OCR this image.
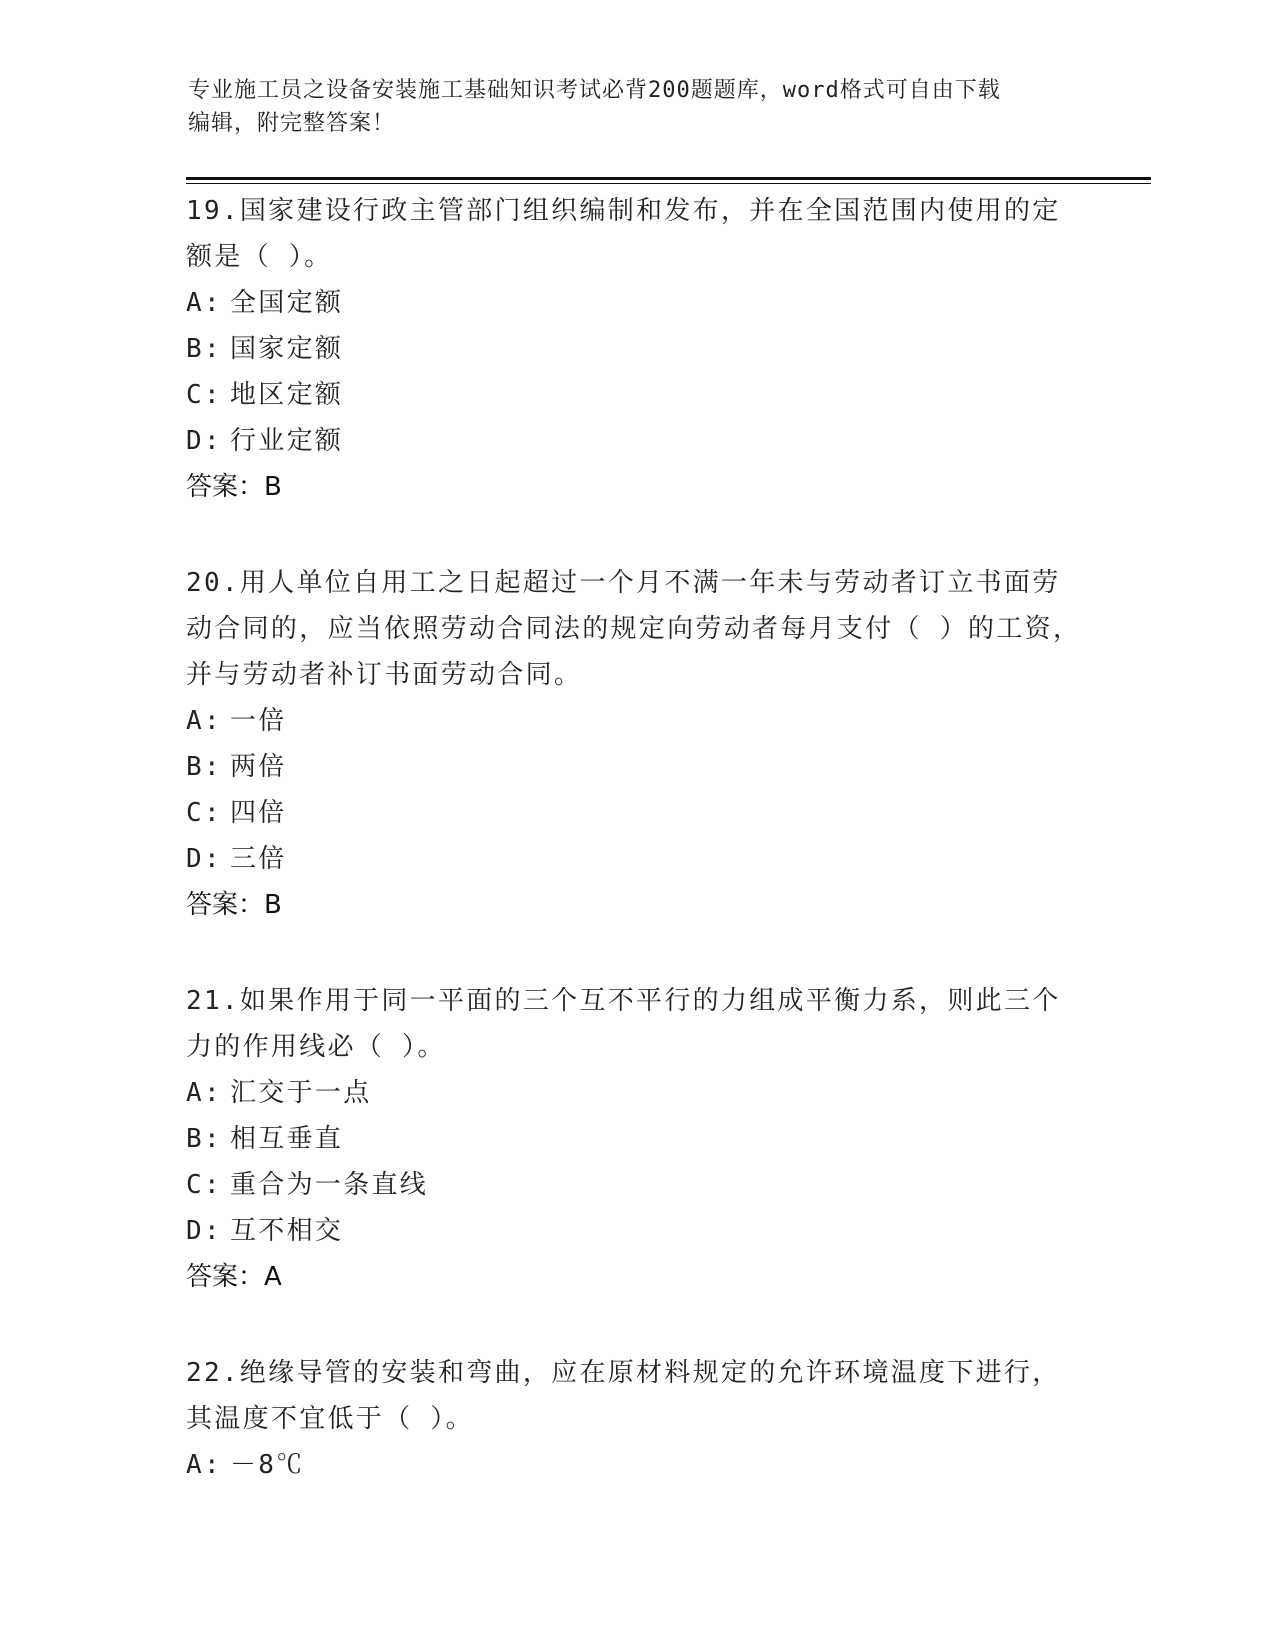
专业施工员之设备安装施工基础知识考试必背200题题库，word格式可自由下载
编辑，附完整答案！
19.国家建设行政主管部门组织编制和发布，并在全国范围内使用的定额是（ ）。
A: 全国定额
B: 国家定额
C: 地区定额
D: 行业定额
答案：B
20.用人单位自用工之日起超过一个月不满一年未与劳动者订立书面劳动合同的，应当依照劳动合同法的规定向劳动者每月支付（ ）的工资，并与劳动者补订书面劳动合同。
A: 一倍
B: 两倍
C: 四倍
D: 三倍
答案：B
21.如果作用于同一平面的三个互不平行的力组成平衡力系，则此三个力的作用线必（ ）。
A: 汇交于一点
B: 相互垂直
C: 重合为一条直线
D: 互不相交
答案：A
22.绝缘导管的安装和弯曲，应在原材料规定的允许环境温度下进行，其温度不宜低于（ ）。
A: －8℃
